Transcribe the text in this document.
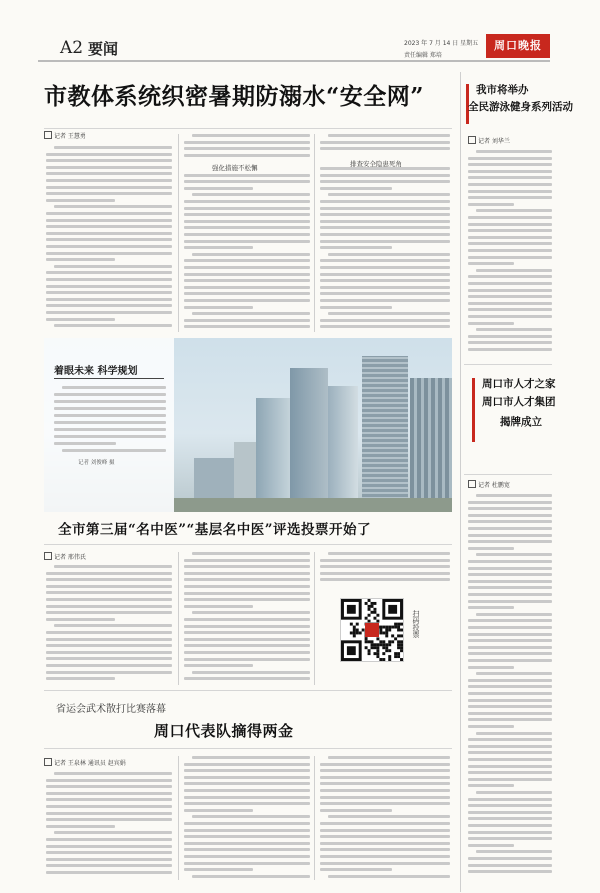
A2 要闻	2023 年 7 月 14 日 星期五
责任编辑 郑培
周口晚报
市教体系统织密暑期防溺水“安全网”	我市将举办
全民游泳健身系列活动
记者 王慧勇
强化措施不松懈	排查安全隐患死角
记者 刘华兰
着眼未来 科学规划
记者 刘俊峰 摄
周口市人才之家
周口市人才集团
揭牌成立
记者 杜鹏宽
全市第三届“名中医”“基层名中医”评选投票开始了
记者 邢伟氏
扫码投票
省运会武术散打比赛落幕
周口代表队摘得两金
记者 王泉林 通讯员 赵宾娟
